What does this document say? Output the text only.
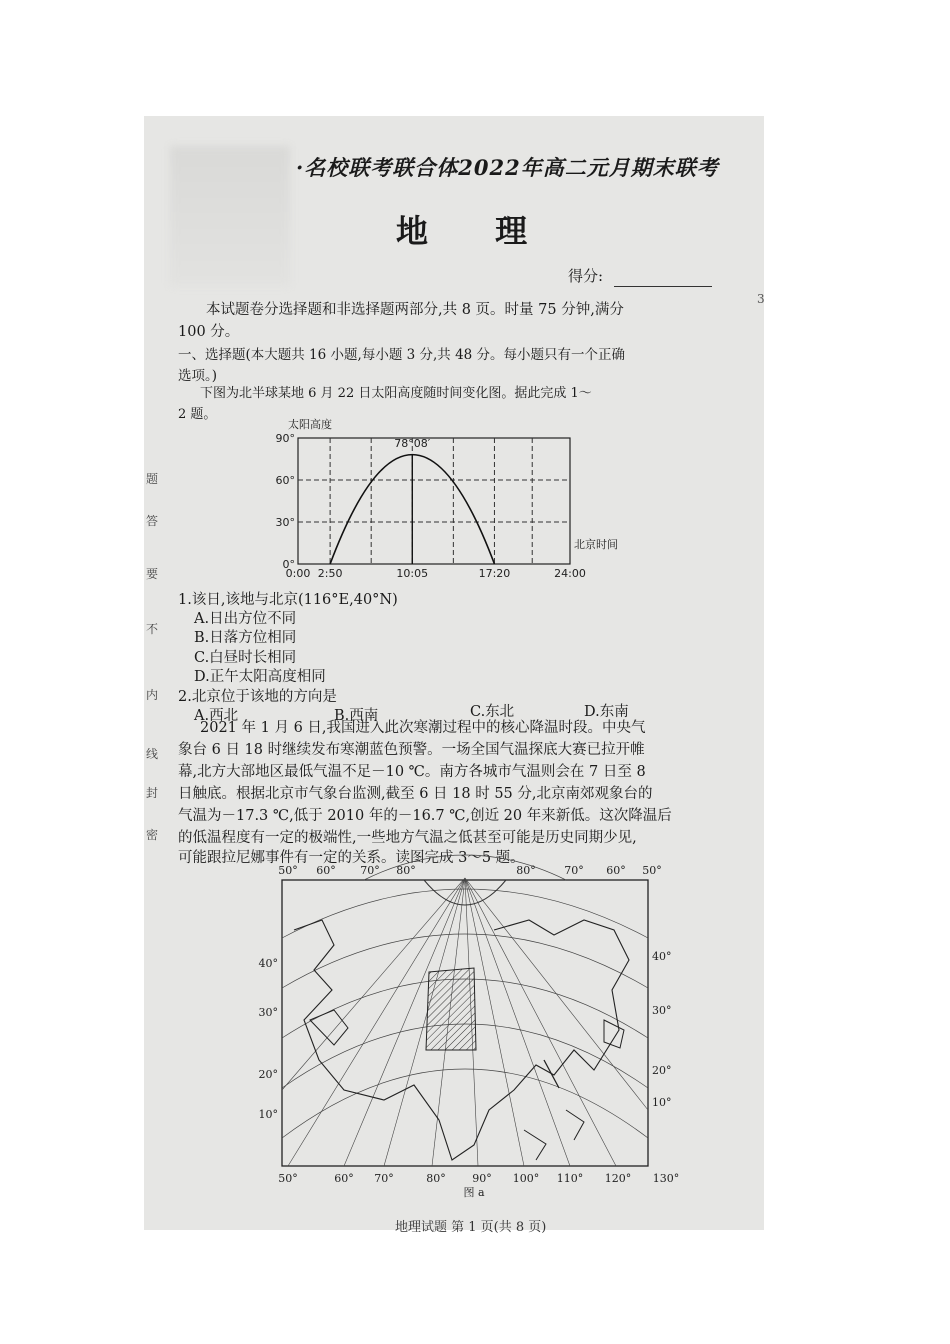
·名校联考联合体2022年高二元月期末联考
地 理
得分:
3
题
答
要
不
内
线
封
密
本试题卷分选择题和非选择题两部分,共 8 页。时量 75 分钟,满分
100 分。
一、选择题(本大题共 16 小题,每小题 3 分,共 48 分。每小题只有一个正确
选项。)
下图为北半球某地 6 月 22 日太阳高度随时间变化图。据此完成 1～
2 题。
90°
60°
30°
0°
0:00 2:50	10:05	17:20	24:00
太阳高度
北京时间
78°08′
1.该日,该地与北京(116°E,40°N)
A.日出方位不同
B.日落方位相同
C.白昼时长相同
D.正午太阳高度相同
2.北京位于该地的方向是
A.西北	B.西南	C.东北	D.东南
2021 年 1 月 6 日,我国进入此次寒潮过程中的核心降温时段。中央气
象台 6 日 18 时继续发布寒潮蓝色预警。一场全国气温探底大赛已拉开帷
幕,北方大部地区最低气温不足－10 ℃。南方各城市气温则会在 7 日至 8
日触底。根据北京市气象台监测,截至 6 日 18 时 55 分,北京南郊观象台的
气温为－17.3 ℃,低于 2010 年的－16.7 ℃,创近 20 年来新低。这次降温后
的低温程度有一定的极端性,一些地方气温之低甚至可能是历史同期少见,
可能跟拉尼娜事件有一定的关系。读图完成 3～5 题。
50° 60° 70° 80°	80°	70° 60° 50°
40°
30°
20°
10°
40°
30°
20°
10°
50°	60° 70°	80° 90° 100° 110° 120° 130°
图 a
地理试题 第 1 页(共 8 页)
